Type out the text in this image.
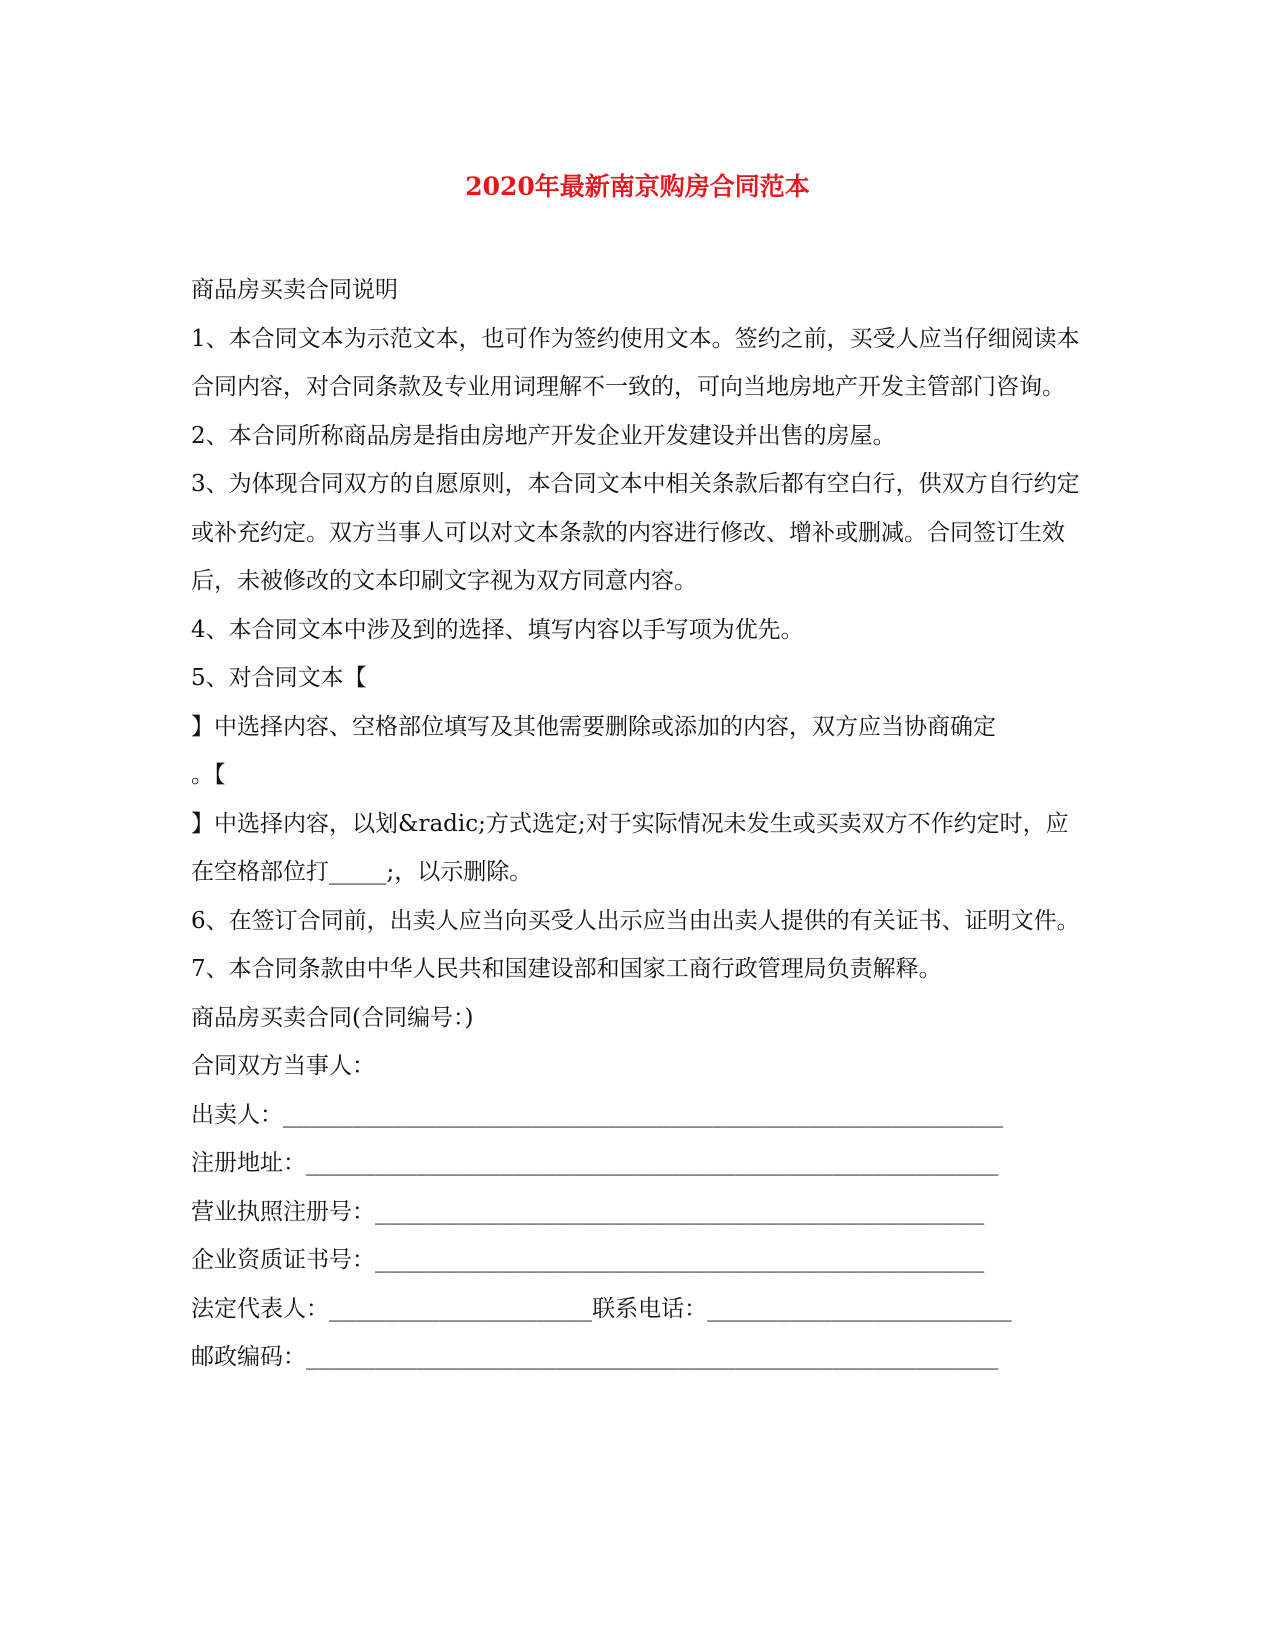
2020年最新南京购房合同范本

商品房买卖合同说明

1、本合同文本为示范文本，也可作为签约使用文本。签约之前，买受人应当仔细阅读本合同内容，对合同条款及专业用词理解不一致的，可向当地房地产开发主管部门咨询。

2、本合同所称商品房是指由房地产开发企业开发建设并出售的房屋。

3、为体现合同双方的自愿原则，本合同文本中相关条款后都有空白行，供双方自行约定或补充约定。双方当事人可以对文本条款的内容进行修改、增补或删减。合同签订生效后，未被修改的文本印刷文字视为双方同意内容。

4、本合同文本中涉及到的选择、填写内容以手写项为优先。

5、对合同文本【

】中选择内容、空格部位填写及其他需要删除或添加的内容，双方应当协商确定

。【

】中选择内容，以划&radic;方式选定;对于实际情况未发生或买卖双方不作约定时，应在空格部位打_____;，以示删除。

6、在签订合同前，出卖人应当向买受人出示应当由出卖人提供的有关证书、证明文件。

7、本合同条款由中华人民共和国建设部和国家工商行政管理局负责解释。

商品房买卖合同(合同编号：)

合同双方当事人：

出卖人：____________________________________________________

注册地址：__________________________________________________

营业执照注册号：____________________________________________

企业资质证书号：____________________________________________

法定代表人：___________________联系电话：______________________

邮政编码：__________________________________________________
